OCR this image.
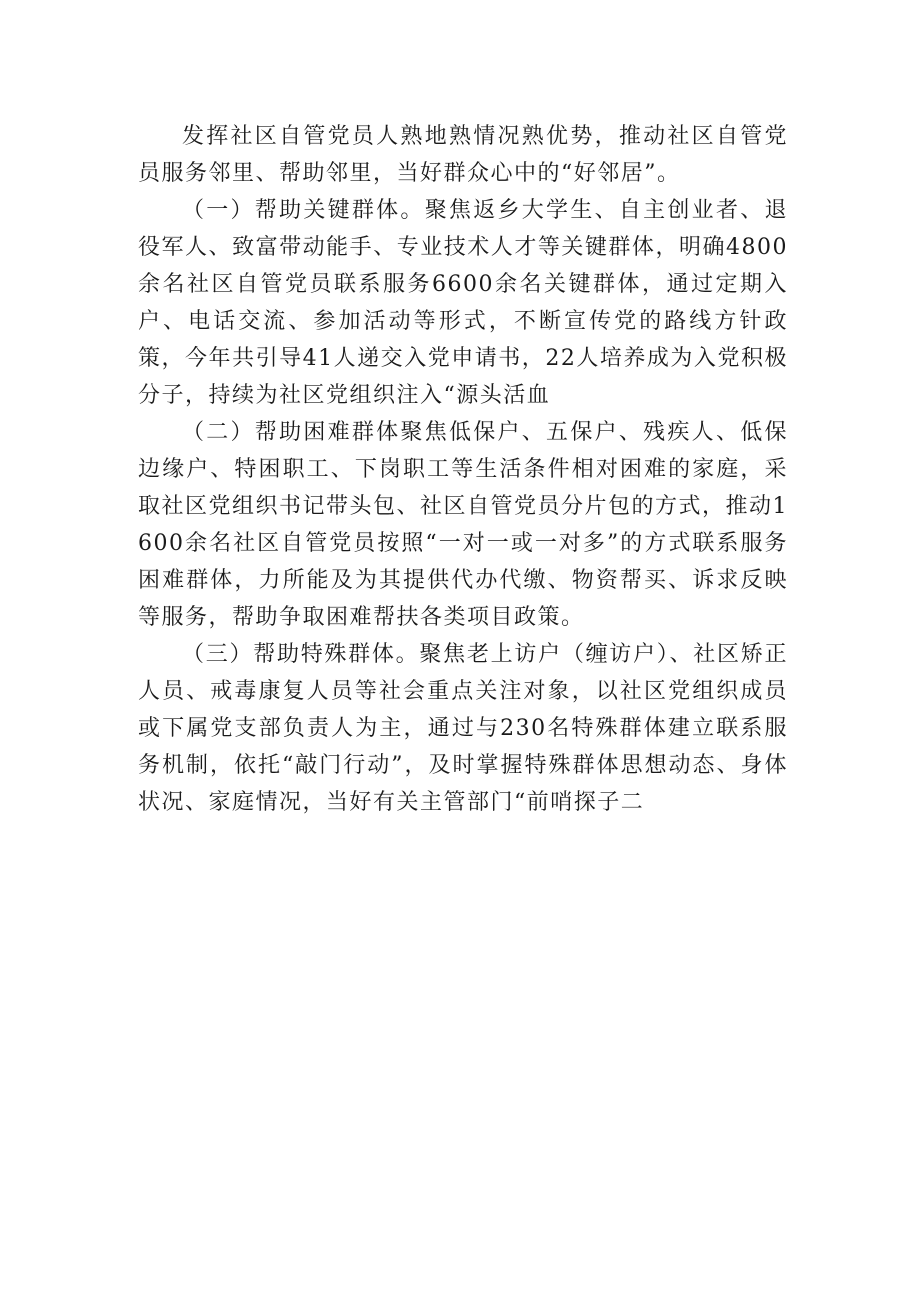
发挥社区自管党员人熟地熟情况熟优势，推动社区自管党员服务邻里、帮助邻里，当好群众心中的“好邻居”。

（一）帮助关键群体。聚焦返乡大学生、自主创业者、退役军人、致富带动能手、专业技术人才等关键群体，明确4800余名社区自管党员联系服务6600余名关键群体，通过定期入户、电话交流、参加活动等形式，不断宣传党的路线方针政策，今年共引导41人递交入党申请书，22人培养成为入党积极分子，持续为社区党组织注入“源头活血

（二）帮助困难群体聚焦低保户、五保户、残疾人、低保边缘户、特困职工、下岗职工等生活条件相对困难的家庭，采取社区党组织书记带头包、社区自管党员分片包的方式，推动1600余名社区自管党员按照“一对一或一对多”的方式联系服务困难群体，力所能及为其提供代办代缴、物资帮买、诉求反映等服务，帮助争取困难帮扶各类项目政策。

（三）帮助特殊群体。聚焦老上访户（缠访户）、社区矫正人员、戒毒康复人员等社会重点关注对象，以社区党组织成员或下属党支部负责人为主，通过与230名特殊群体建立联系服务机制，依托“敲门行动”，及时掌握特殊群体思想动态、身体状况、家庭情况，当好有关主管部门“前哨探子二
